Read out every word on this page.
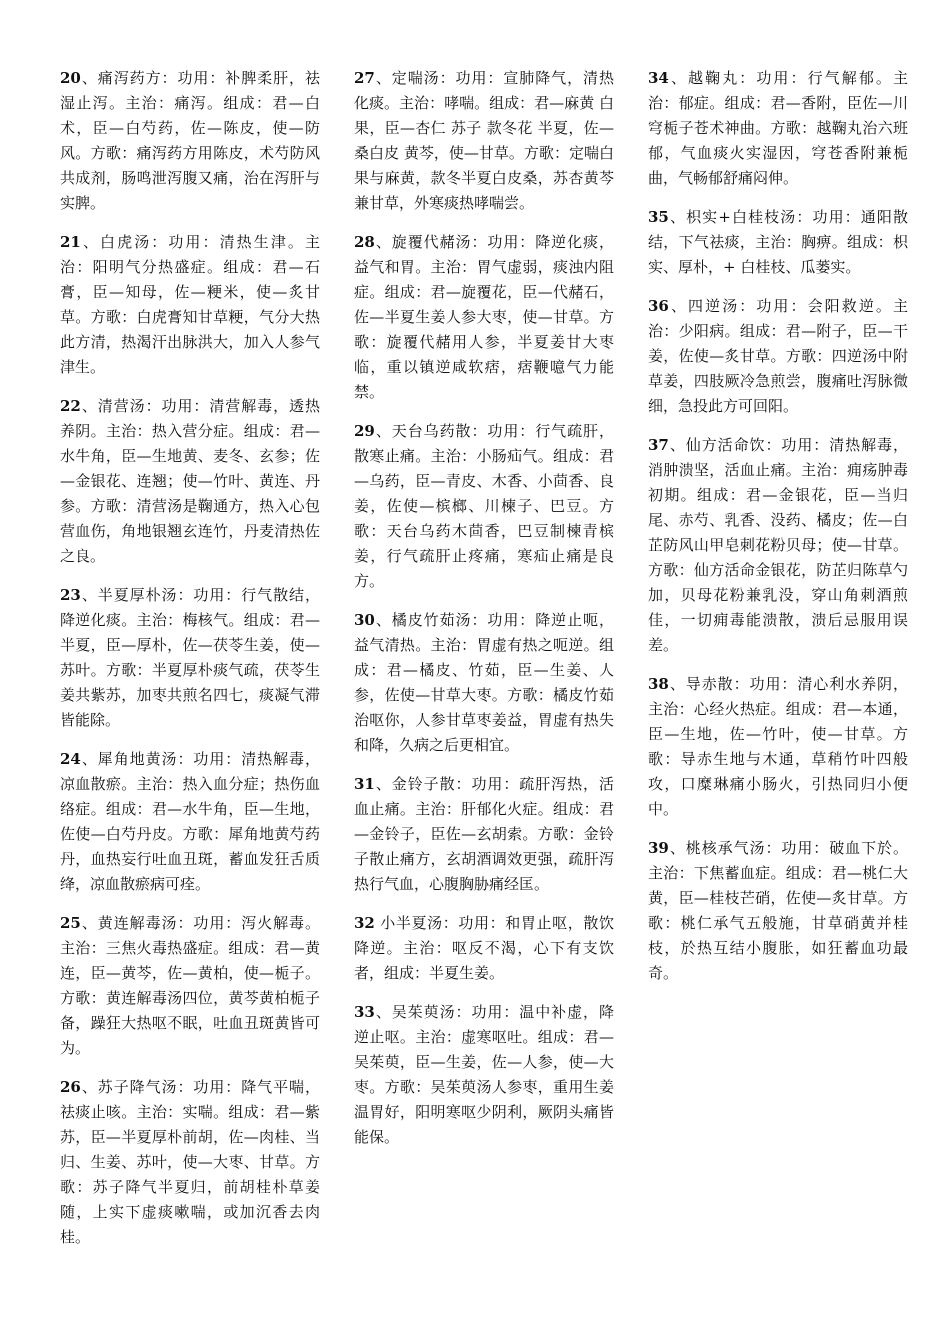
20、痛泻药方：功用：补脾柔肝，祛湿止泻。主治：痛泻。组成：君—白术，臣—白芍药，佐—陈皮，使—防风。方歌：痛泻药方用陈皮，术芍防风共成剂，肠鸣泄泻腹又痛，治在泻肝与实脾。

21、白虎汤：功用：清热生津。主治：阳明气分热盛症。组成：君—石膏，臣—知母，佐—粳米，使—炙甘草。方歌：白虎膏知甘草粳，气分大热此方清，热渴汗出脉洪大，加入人参气津生。

22、清营汤：功用：清营解毒，透热养阴。主治：热入营分症。组成：君—水牛角，臣—生地黄、麦冬、玄参；佐—金银花、连翘；使—竹叶、黄连、丹参。方歌：清营汤是鞠通方，热入心包营血伤，角地银翘玄连竹，丹麦清热佐之良。

23、半夏厚朴汤：功用：行气散结，降逆化痰。主治：梅核气。组成：君—半夏，臣—厚朴，佐—茯苓生姜，使—苏叶。方歌：半夏厚朴痰气疏，茯苓生姜共紫苏，加枣共煎名四七，痰凝气滞皆能除。

24、犀角地黄汤：功用：清热解毒，凉血散瘀。主治：热入血分症；热伤血络症。组成：君—水牛角，臣—生地，佐使—白芍丹皮。方歌：犀角地黄芍药丹，血热妄行吐血丑斑，蓄血发狂舌质绛，凉血散瘀病可痊。

25、黄连解毒汤：功用：泻火解毒。主治：三焦火毒热盛症。组成：君—黄连，臣—黄芩，佐—黄柏，使—栀子。方歌：黄连解毒汤四位，黄芩黄柏栀子备，躁狂大热呕不眠，吐血丑斑黄皆可为。

26、苏子降气汤：功用：降气平喘，祛痰止咳。主治：实喘。组成：君—紫苏，臣—半夏厚朴前胡，佐—肉桂、当归、生姜、苏叶，使—大枣、甘草。方歌：苏子降气半夏归，前胡桂朴草姜随，上实下虚痰嗽喘，或加沉香去肉桂。

27、定喘汤：功用：宣肺降气，清热化痰。主治：哮喘。组成：君—麻黄 白果，臣—杏仁 苏子 款冬花 半夏，佐—桑白皮 黄芩，使—甘草。方歌：定喘白果与麻黄，款冬半夏白皮桑，苏杏黄芩兼甘草，外寒痰热哮喘尝。

28、旋覆代赭汤：功用：降逆化痰，益气和胃。主治：胃气虚弱，痰浊内阻症。组成：君—旋覆花，臣—代赭石，佐—半夏生姜人参大枣，使—甘草。方歌：旋覆代赭用人参，半夏姜甘大枣临，重以镇逆咸软痞，痞鞭噫气力能禁。

29、天台乌药散：功用：行气疏肝，散寒止痛。主治：小肠疝气。组成：君—乌药，臣—青皮、木香、小茴香、良姜，佐使—槟榔、川楝子、巴豆。方歌：天台乌药木茴香，巴豆制楝青槟姜，行气疏肝止疼痛，寒疝止痛是良方。

30、橘皮竹茹汤：功用：降逆止呃，益气清热。主治：胃虚有热之呃逆。组成：君—橘皮、竹茹，臣—生姜、人参，佐使—甘草大枣。方歌：橘皮竹茹治呕你，人参甘草枣姜益，胃虚有热失和降，久病之后更相宜。

31、金铃子散：功用：疏肝泻热，活血止痛。主治：肝郁化火症。组成：君—金铃子，臣佐—玄胡索。方歌：金铃子散止痛方，玄胡酒调效更强，疏肝泻热行气血，心腹胸胁痛经匡。

32 小半夏汤：功用：和胃止呕，散饮降逆。主治：呕反不渴，心下有支饮者，组成：半夏生姜。

33、吴茱萸汤：功用：温中补虚，降逆止呕。主治：虚寒呕吐。组成：君—吴茱萸，臣—生姜，佐—人参，使—大枣。方歌：吴茱萸汤人参枣，重用生姜温胃好，阳明寒呕少阴利，厥阴头痛皆能保。

34、越鞠丸：功用：行气解郁。主治：郁症。组成：君—香附，臣佐—川穹栀子苍术神曲。方歌：越鞠丸治六班郁，气血痰火实湿因，穹苍香附兼栀曲，气畅郁舒痛闷伸。

35、枳实+白桂枝汤：功用：通阳散结，下气祛痰，主治：胸痹。组成：枳实、厚朴，+ 白桂枝、瓜蒌实。

36、四逆汤：功用：会阳救逆。主治：少阳病。组成：君—附子，臣—干姜，佐使—炙甘草。方歌：四逆汤中附草姜，四肢厥冷急煎尝，腹痛吐泻脉微细，急投此方可回阳。

37、仙方活命饮：功用：清热解毒，消肿溃坚，活血止痛。主治：痈疡肿毒初期。组成：君—金银花，臣—当归尾、赤芍、乳香、没药、橘皮；佐—白芷防风山甲皂刺花粉贝母；使—甘草。方歌：仙方活命金银花，防芷归陈草勺加，贝母花粉兼乳没，穿山角刺酒煎佳，一切痈毒能溃散，溃后忌服用误差。

38、导赤散：功用：清心利水养阴，主治：心经火热症。组成：君—本通，臣—生地，佐—竹叶，使—甘草。方歌：导赤生地与木通，草稍竹叶四般攻，口糜琳痛小肠火，引热同归小便中。

39、桃核承气汤：功用：破血下於。主治：下焦蓄血症。组成：君—桃仁大黄，臣—桂枝芒硝，佐使—炙甘草。方歌：桃仁承气五般施，甘草硝黄并桂枝，於热互结小腹胀，如狂蓄血功最奇。
